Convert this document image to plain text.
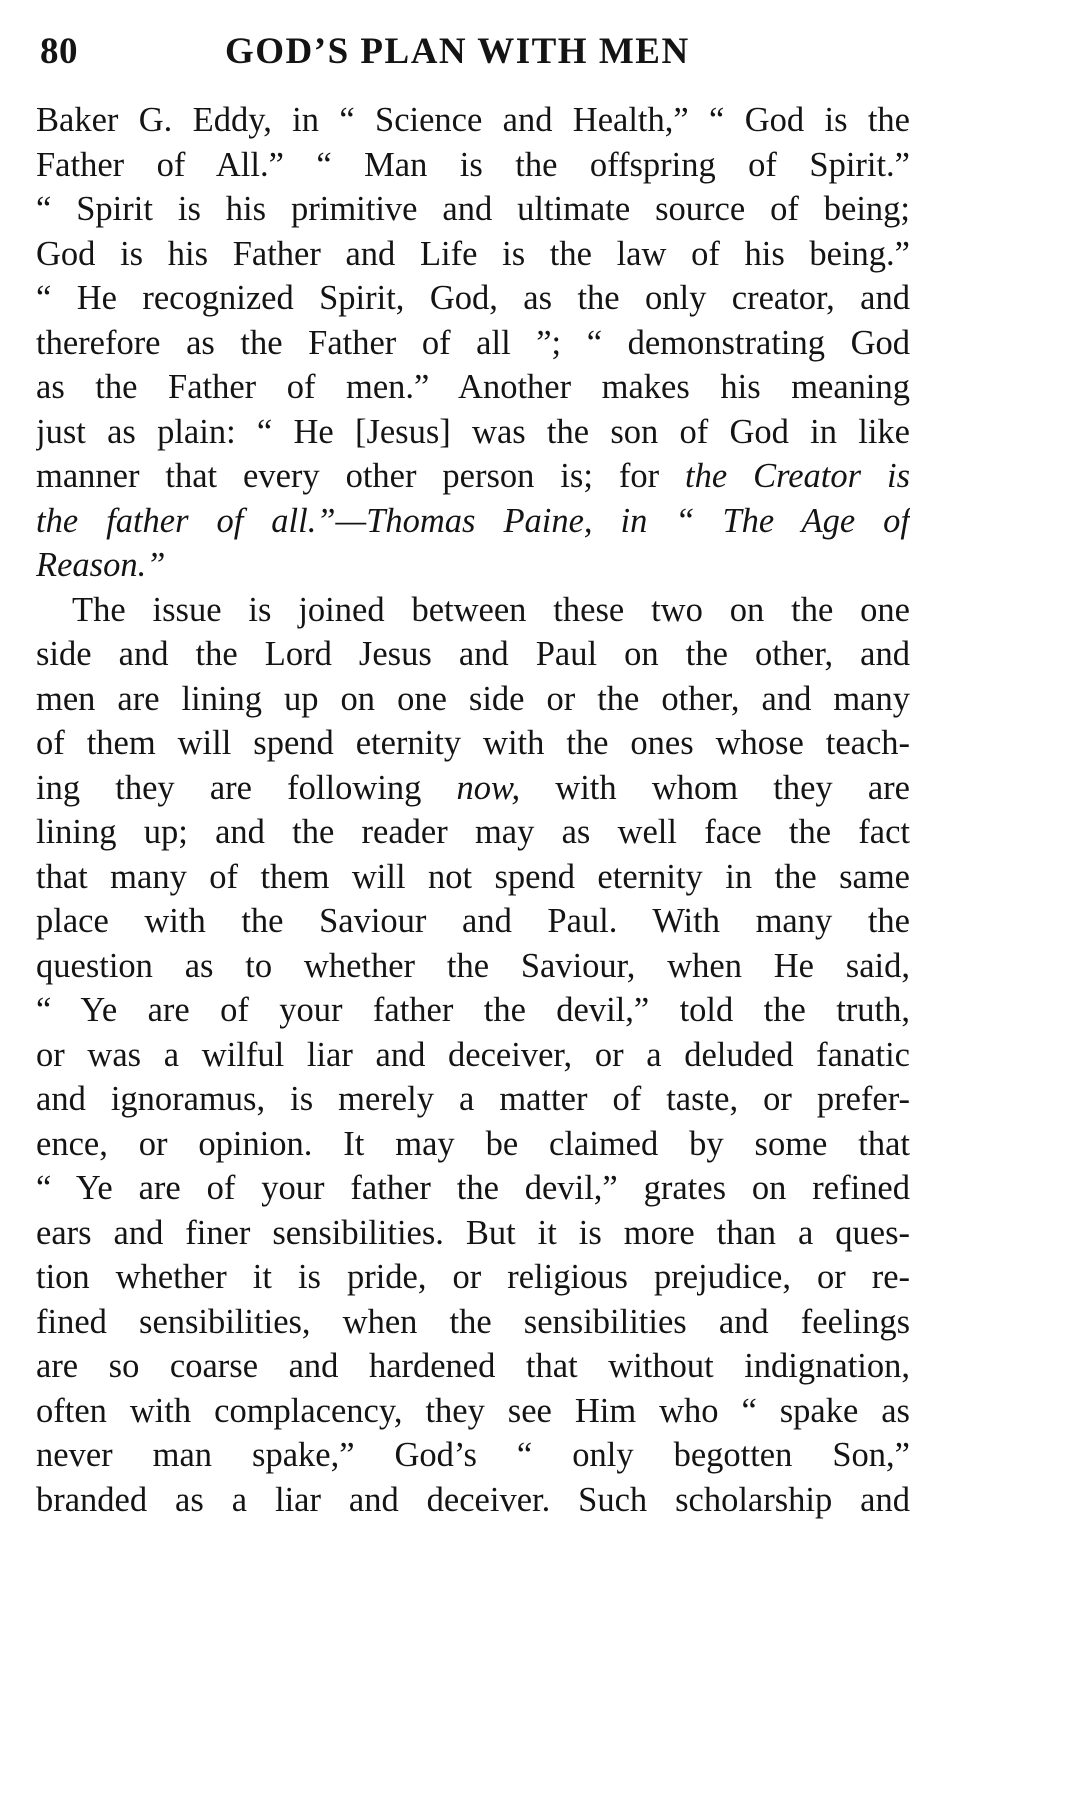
80	GOD’S PLAN WITH MEN
Baker G. Eddy, in “ Science and Health,” “ God is the
Father of All.” “ Man is the offspring of Spirit.”
“ Spirit is his primitive and ultimate source of being;
God is his Father and Life is the law of his being.”
“ He recognized Spirit, God, as the only creator, and
therefore as the Father of all ”; “ demonstrating God
as the Father of men.” Another makes his meaning
just as plain: “ He [Jesus] was the son of God in like
manner that every other person is; for the Creator is
the father of all.”—Thomas Paine, in “ The Age of
Reason.”
The issue is joined between these two on the one
side and the Lord Jesus and Paul on the other, and
men are lining up on one side or the other, and many
of them will spend eternity with the ones whose teach-
ing they are following now, with whom they are
lining up; and the reader may as well face the fact
that many of them will not spend eternity in the same
place with the Saviour and Paul. With many the
question as to whether the Saviour, when He said,
“ Ye are of your father the devil,” told the truth,
or was a wilful liar and deceiver, or a deluded fanatic
and ignoramus, is merely a matter of taste, or prefer-
ence, or opinion. It may be claimed by some that
“ Ye are of your father the devil,” grates on refined
ears and finer sensibilities. But it is more than a ques-
tion whether it is pride, or religious prejudice, or re-
fined sensibilities, when the sensibilities and feelings
are so coarse and hardened that without indignation,
often with complacency, they see Him who “ spake as
never man spake,” God’s “ only begotten Son,”
branded as a liar and deceiver. Such scholarship and
